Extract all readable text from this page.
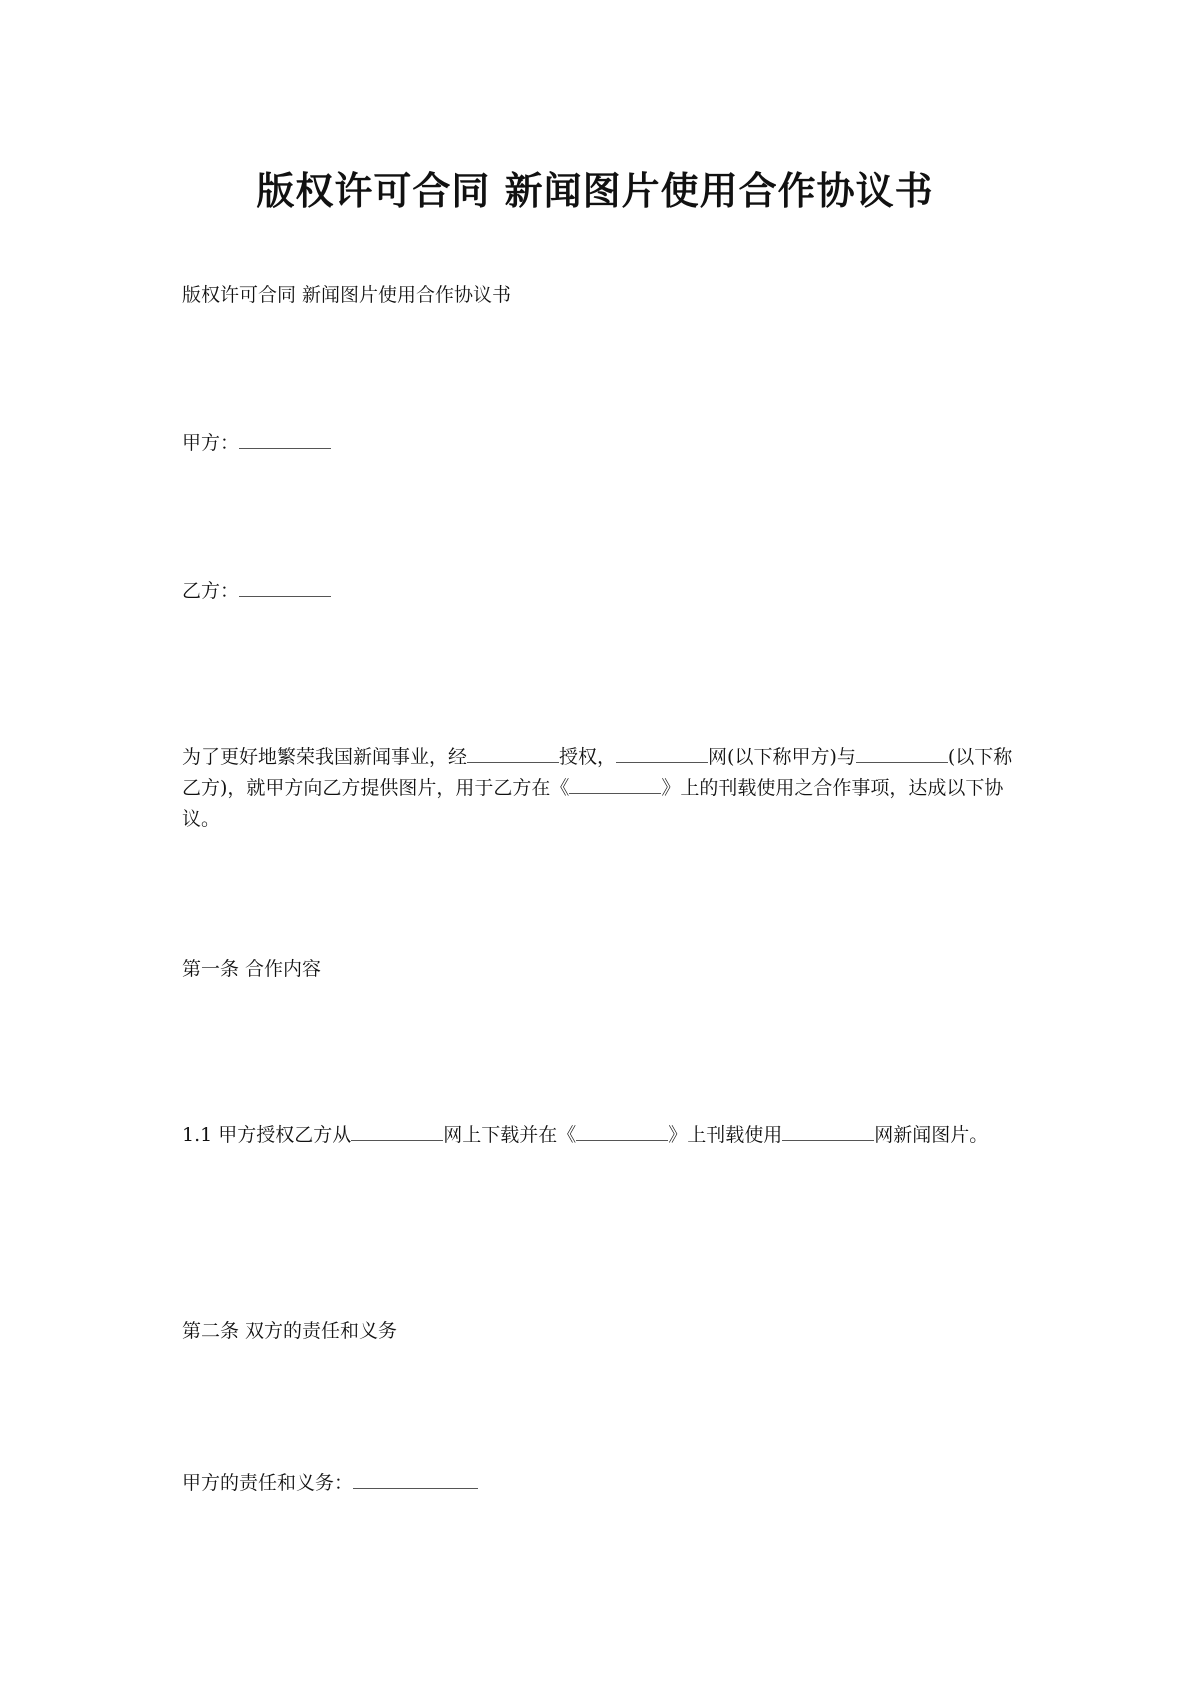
版权许可合同 新闻图片使用合作协议书
版权许可合同 新闻图片使用合作协议书
甲方：
乙方：
为了更好地繁荣我国新闻事业，经	授权，	网(以下称甲方)与	(以下称乙方)，就甲方向乙方提供图片，用于乙方在《	》上的刊载使用之合作事项，达成以下协议。
第一条 合作内容
1.1 甲方授权乙方从	网上下载并在《	》上刊载使用	网新闻图片。
第二条 双方的责任和义务
甲方的责任和义务：
